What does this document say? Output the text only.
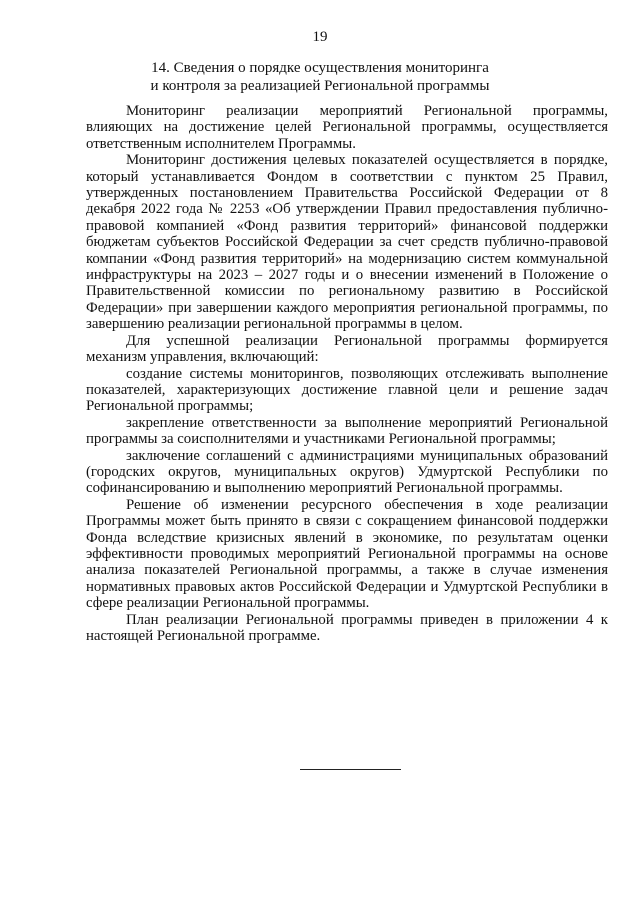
19
14. Сведения о порядке осуществления мониторинга
и контроля за реализацией Региональной программы

Мониторинг реализации мероприятий Региональной программы, влияющих на достижение целей Региональной программы, осуществляется ответственным исполнителем Программы.

Мониторинг достижения целевых показателей осуществляется в порядке, который устанавливается Фондом в соответствии с пунктом 25 Правил, утвержденных постановлением Правительства Российской Федерации от 8 декабря 2022 года № 2253 «Об утверждении Правил предоставления публично-правовой компанией «Фонд развития территорий» финансовой поддержки бюджетам субъектов Российской Федерации за счет средств публично-правовой компании «Фонд развития территорий» на модернизацию систем коммунальной инфраструктуры на 2023 – 2027 годы и о внесении изменений в Положение о Правительственной комиссии по региональному развитию в Российской Федерации» при завершении каждого мероприятия региональной программы, по завершению реализации региональной программы в целом.

Для успешной реализации Региональной программы формируется механизм управления, включающий:

создание системы мониторингов, позволяющих отслеживать выполнение показателей, характеризующих достижение главной цели и решение задач Региональной программы;

закрепление ответственности за выполнение мероприятий Региональной программы за соисполнителями и участниками Региональной программы;

заключение соглашений с администрациями муниципальных образований (городских округов, муниципальных округов) Удмуртской Республики по софинансированию и выполнению мероприятий Региональной программы.

Решение об изменении ресурсного обеспечения в ходе реализации Программы может быть принято в связи с сокращением финансовой поддержки Фонда вследствие кризисных явлений в экономике, по результатам оценки эффективности проводимых мероприятий Региональной программы на основе анализа показателей Региональной программы, а также в случае изменения нормативных правовых актов Российской Федерации и Удмуртской Республики в сфере реализации Региональной программы.

План реализации Региональной программы приведен в приложении 4 к настоящей Региональной программе.
